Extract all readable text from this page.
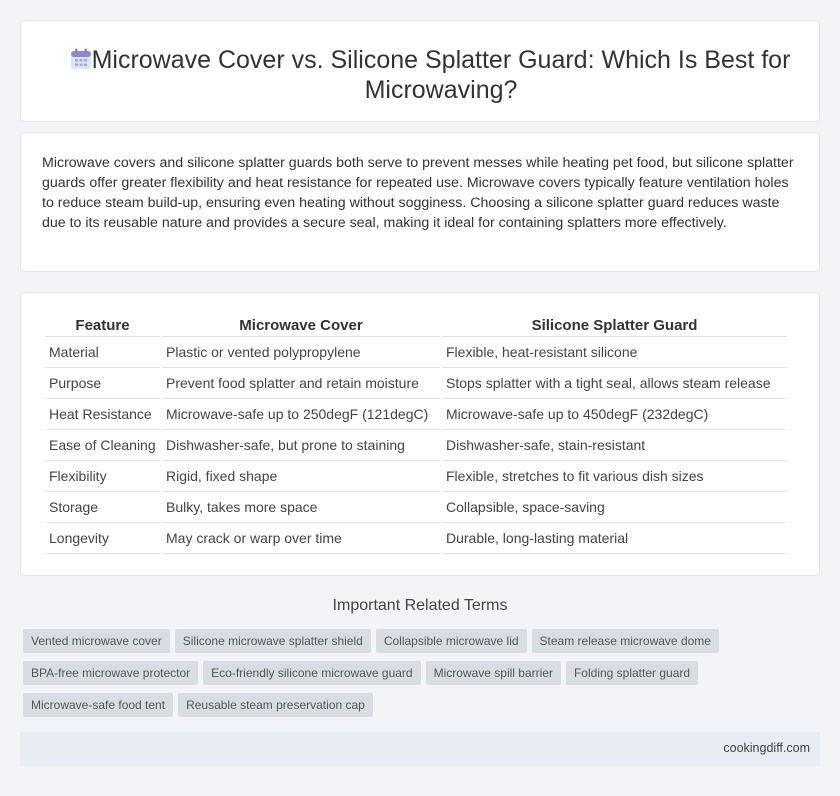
Microwave Cover vs. Silicone Splatter Guard: Which Is Best for Microwaving?

Microwave covers and silicone splatter guards both serve to prevent messes while heating pet food, but silicone splatter guards offer greater flexibility and heat resistance for repeated use. Microwave covers typically feature ventilation holes to reduce steam build-up, ensuring even heating without sogginess. Choosing a silicone splatter guard reduces waste due to its reusable nature and provides a secure seal, making it ideal for containing splatters more effectively.

Feature	Microwave Cover	Silicone Splatter Guard
Material	Plastic or vented polypropylene	Flexible, heat-resistant silicone
Purpose	Prevent food splatter and retain moisture	Stops splatter with a tight seal, allows steam release
Heat Resistance	Microwave-safe up to 250degF (121degC)	Microwave-safe up to 450degF (232degC)
Ease of Cleaning	Dishwasher-safe, but prone to staining	Dishwasher-safe, stain-resistant
Flexibility	Rigid, fixed shape	Flexible, stretches to fit various dish sizes
Storage	Bulky, takes more space	Collapsible, space-saving
Longevity	May crack or warp over time	Durable, long-lasting material
Important Related Terms
Vented microwave cover Silicone microwave splatter shield Collapsible microwave lid Steam release microwave dome
BPA-free microwave protector Eco-friendly silicone microwave guard Microwave spill barrier Folding splatter guard
Microwave-safe food tent Reusable steam preservation cap
cookingdiff.com
